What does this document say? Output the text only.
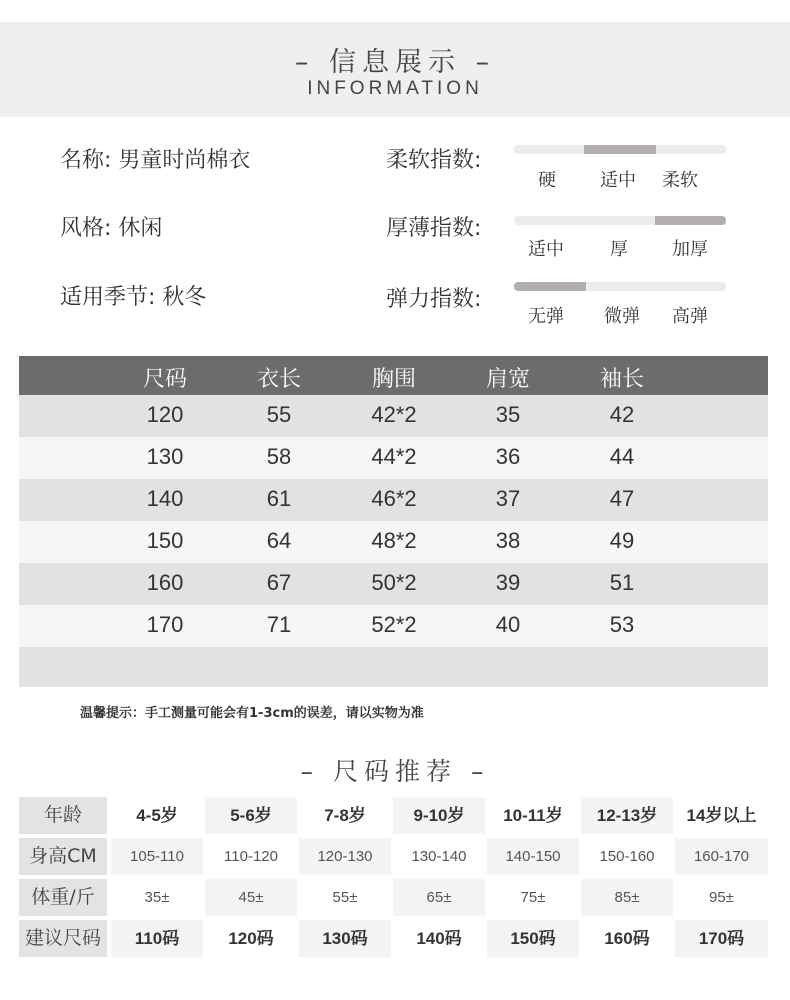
– 信息展示 –
INFORMATION
名称: 男童时尚棉衣
风格: 休闲
适用季节: 秋冬
柔软指数:
硬 适中 柔软
厚薄指数:
适中	厚 加厚
弹力指数:
无弹 微弹 高弹
尺码	衣长	胸围	肩宽	袖长
120	55	42*2	35	42
130	58	44*2	36	44
140	61	46*2	37	47
150	64	48*2	38	49
160	67	50*2	39	51
170	71	52*2	40	53
温馨提示：手工测量可能会有1-3cm的误差，请以实物为准
– 尺码推荐 –
年龄	4-5岁	5-6岁	7-8岁	9-10岁	10-11岁	12-13岁	14岁以上
身高CM	105-110	110-120	120-130	130-140	140-150	150-160	160-170
体重/斤	35±	45±	55±	65±	75±	85±	95±
建议尺码	110码	120码	130码	140码	150码	160码	170码
